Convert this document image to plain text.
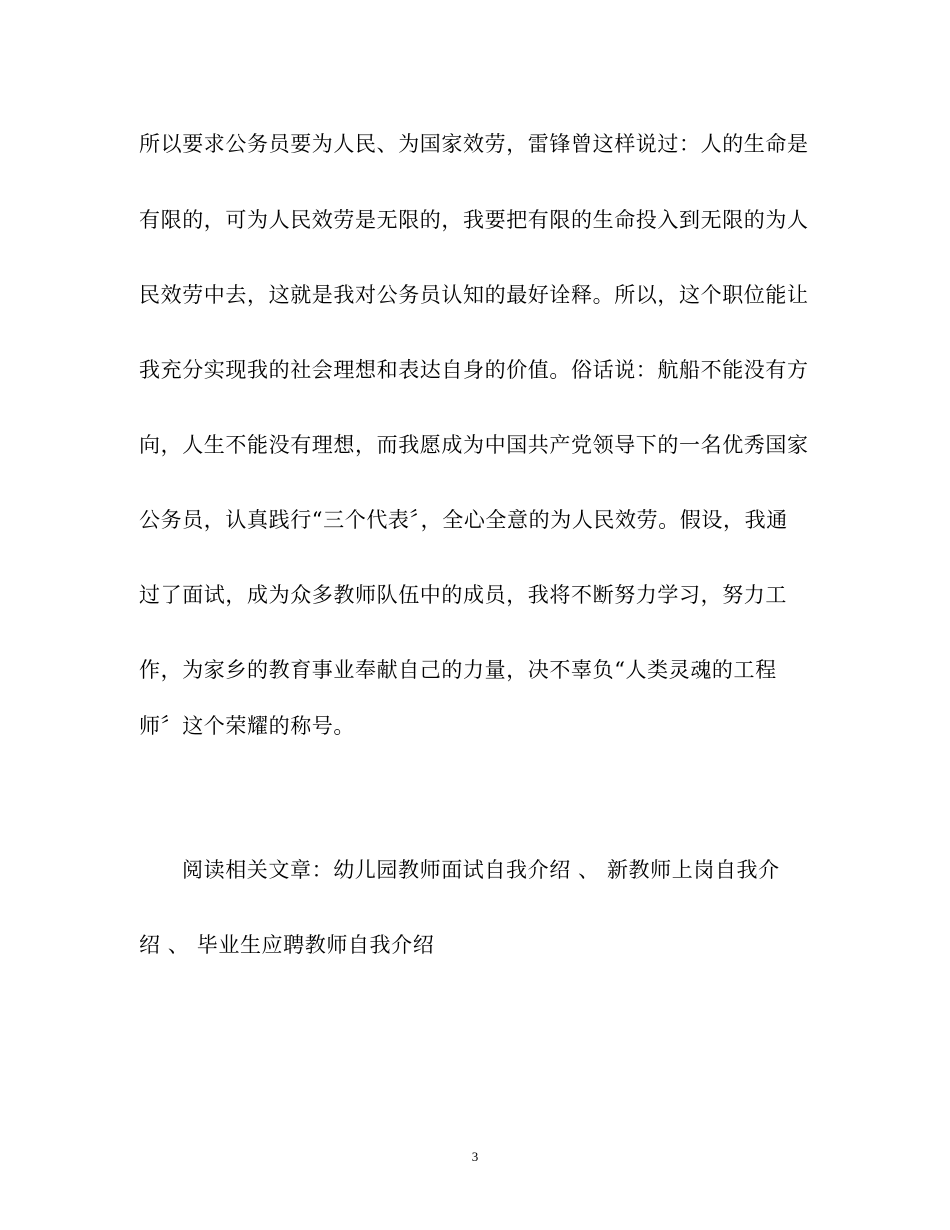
所以要求公务员要为人民、为国家效劳，雷锋曾这样说过：人的生命是
有限的，可为人民效劳是无限的，我要把有限的生命投入到无限的为人
民效劳中去，这就是我对公务员认知的最好诠释。所以，这个职位能让
我充分实现我的社会理想和表达自身的价值。俗话说：航船不能没有方
向，人生不能没有理想，而我愿成为中国共产党领导下的一名优秀国家
公务员，认真践行“三个代表〞，全心全意的为人民效劳。假设，我通
过了面试，成为众多教师队伍中的成员，我将不断努力学习，努力工
作，为家乡的教育事业奉献自己的力量，决不辜负“人类灵魂的工程
师〞这个荣耀的称号。
阅读相关文章：幼儿园教师面试自我介绍 、 新教师上岗自我介
绍 、 毕业生应聘教师自我介绍
3
